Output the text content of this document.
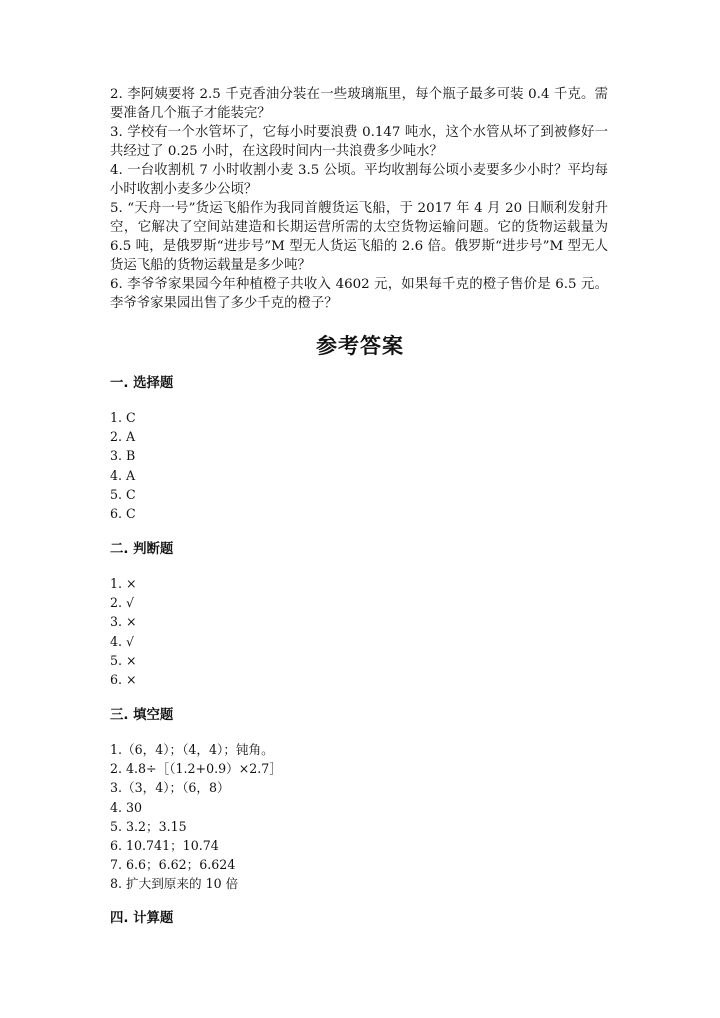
2. 李阿姨要将 2.5 千克香油分装在一些玻璃瓶里，每个瓶子最多可装 0.4 千克。需要准备几个瓶子才能装完？

3. 学校有一个水管坏了，它每小时要浪费 0.147 吨水，这个水管从坏了到被修好一共经过了 0.25 小时，在这段时间内一共浪费多少吨水？

4. 一台收割机 7 小时收割小麦 3.5 公顷。平均收割每公顷小麦要多少小时？平均每小时收割小麦多少公顷？

5. “天舟一号”货运飞船作为我同首艘货运飞船，于 2017 年 4 月 20 日顺利发射升空，它解决了空间站建造和长期运营所需的太空货物运输问题。它的货物运载量为 6.5 吨，是俄罗斯“进步号”M 型无人货运飞船的 2.6 倍。俄罗斯“进步号”M 型无人货运飞船的货物运载量是多少吨？

6. 李爷爷家果园今年种植橙子共收入 4602 元，如果每千克的橙子售价是 6.5 元。李爷爷家果园出售了多少千克的橙子？

参考答案
一. 选择题
1. C
2. A
3. B
4. A
5. C
6. C
二. 判断题
1. ×
2. √
3. ×
4. √
5. ×
6. ×
三. 填空题
1.（6，4）；（4，4）；钝角。
2. 4.8÷［（1.2+0.9）×2.7］
3.（3，4）；（6，8）
4. 30
5. 3.2；3.15
6. 10.741；10.74
7. 6.6；6.62；6.624
8. 扩大到原来的 10 倍
四. 计算题
